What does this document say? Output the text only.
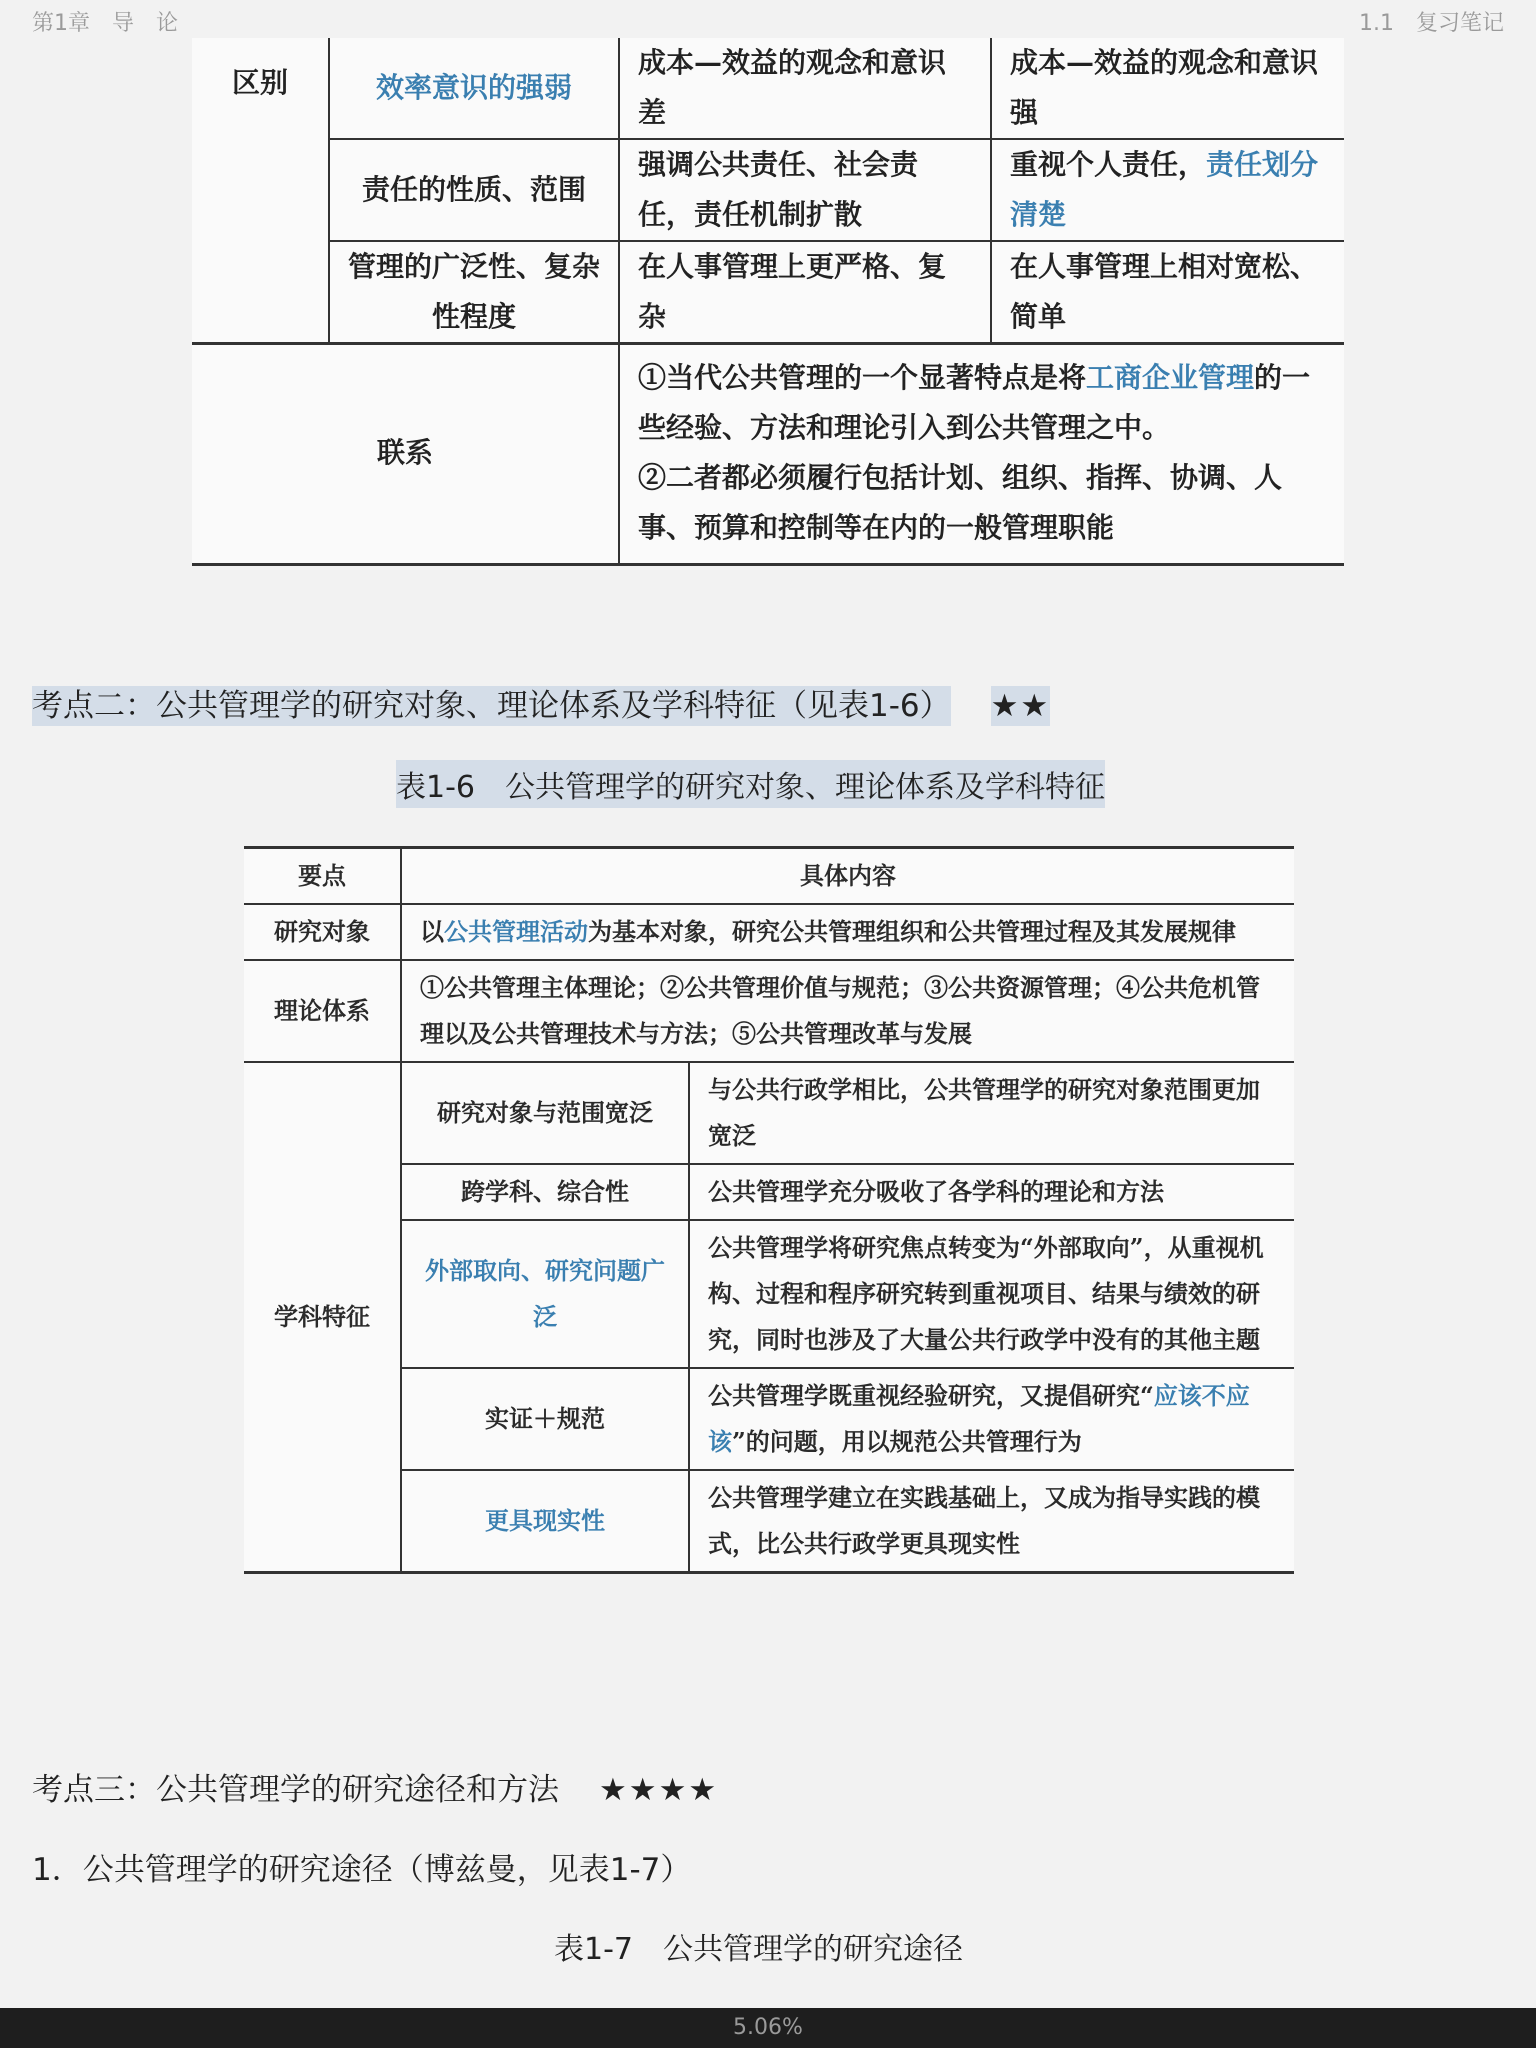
第1章　导　论	1.1　复习笔记
区别	效率意识的强弱	成本—效益的观念和意识差	成本—效益的观念和意识强
	责任的性质、范围	强调公共责任、社会责任，责任机制扩散	重视个人责任，责任划分清楚
	管理的广泛性、复杂性程度	在人事管理上更严格、复杂	在人事管理上相对宽松、简单
联系		①当代公共管理的一个显著特点是将工商企业管理的一些经验、方法和理论引入到公共管理之中。
②二者都必须履行包括计划、组织、指挥、协调、人事、预算和控制等在内的一般管理职能	
考点二：公共管理学的研究对象、理论体系及学科特征（见表1-6） ★★
表1-6　公共管理学的研究对象、理论体系及学科特征
要点	具体内容	
研究对象	以公共管理活动为基本对象，研究公共管理组织和公共管理过程及其发展规律	
理论体系	①公共管理主体理论；②公共管理价值与规范；③公共资源管理；④公共危机管理以及公共管理技术与方法；⑤公共管理改革与发展	
学科特征	研究对象与范围宽泛	与公共行政学相比，公共管理学的研究对象范围更加宽泛
	跨学科、综合性	公共管理学充分吸收了各学科的理论和方法
	外部取向、研究问题广泛	公共管理学将研究焦点转变为“外部取向”，从重视机构、过程和程序研究转到重视项目、结果与绩效的研究，同时也涉及了大量公共行政学中没有的其他主题
	实证＋规范	公共管理学既重视经验研究，又提倡研究“应该不应该”的问题，用以规范公共管理行为
	更具现实性	公共管理学建立在实践基础上，又成为指导实践的模式，比公共行政学更具现实性
考点三：公共管理学的研究途径和方法 ★★★★
1．公共管理学的研究途径（博兹曼，见表1-7）
表1-7　公共管理学的研究途径
5.06%
